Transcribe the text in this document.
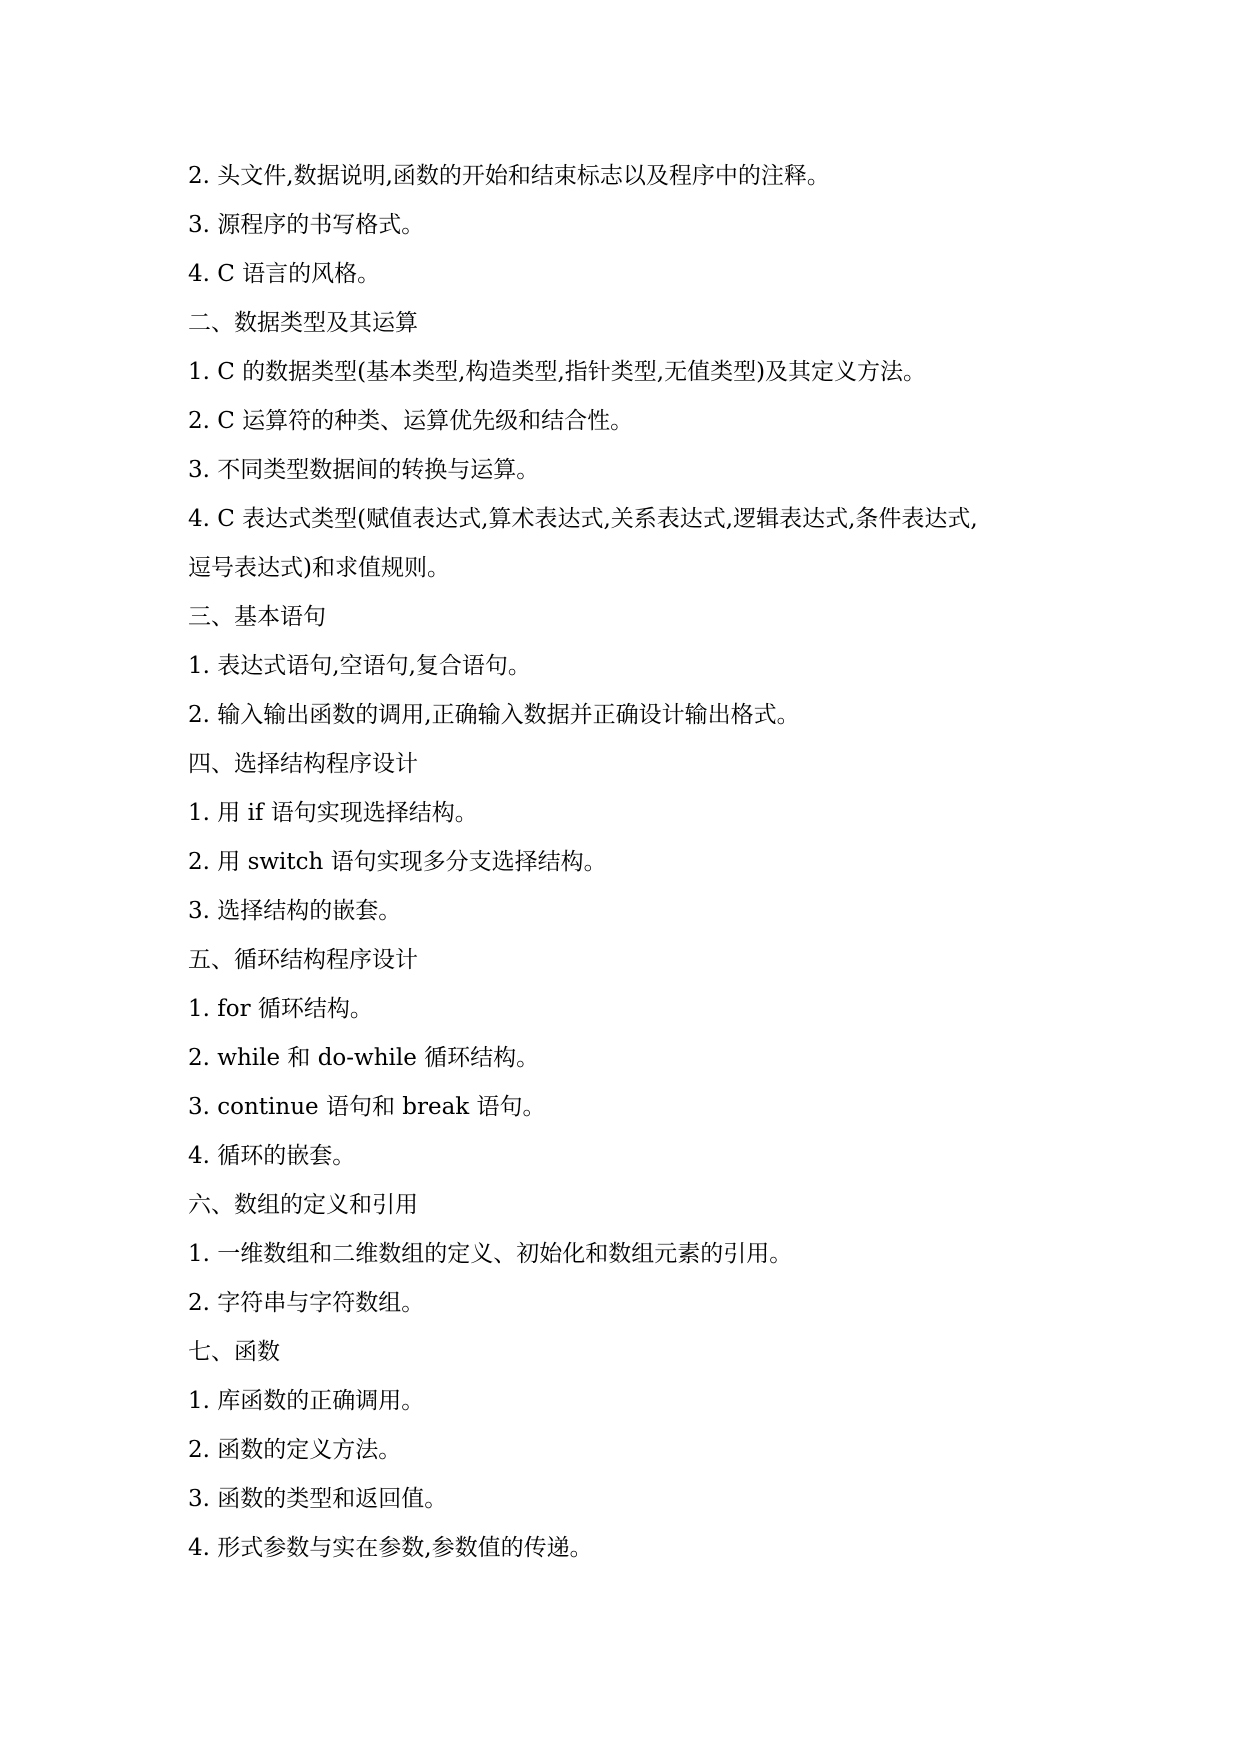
2. 头文件,数据说明,函数的开始和结束标志以及程序中的注释。

3. 源程序的书写格式。

4. C 语言的风格。

二、数据类型及其运算

1. C 的数据类型(基本类型,构造类型,指针类型,无值类型)及其定义方法。

2. C 运算符的种类、运算优先级和结合性。

3. 不同类型数据间的转换与运算。

4. C 表达式类型(赋值表达式,算术表达式,关系表达式,逻辑表达式,条件表达式,

逗号表达式)和求值规则。

三、基本语句

1. 表达式语句,空语句,复合语句。

2. 输入输出函数的调用,正确输入数据并正确设计输出格式。

四、选择结构程序设计

1. 用 if 语句实现选择结构。

2. 用 switch 语句实现多分支选择结构。

3. 选择结构的嵌套。

五、循环结构程序设计

1. for 循环结构。

2. while 和 do-while 循环结构。

3. continue 语句和 break 语句。

4. 循环的嵌套。

六、数组的定义和引用

1. 一维数组和二维数组的定义、初始化和数组元素的引用。

2. 字符串与字符数组。

七、函数

1. 库函数的正确调用。

2. 函数的定义方法。

3. 函数的类型和返回值。

4. 形式参数与实在参数,参数值的传递。
